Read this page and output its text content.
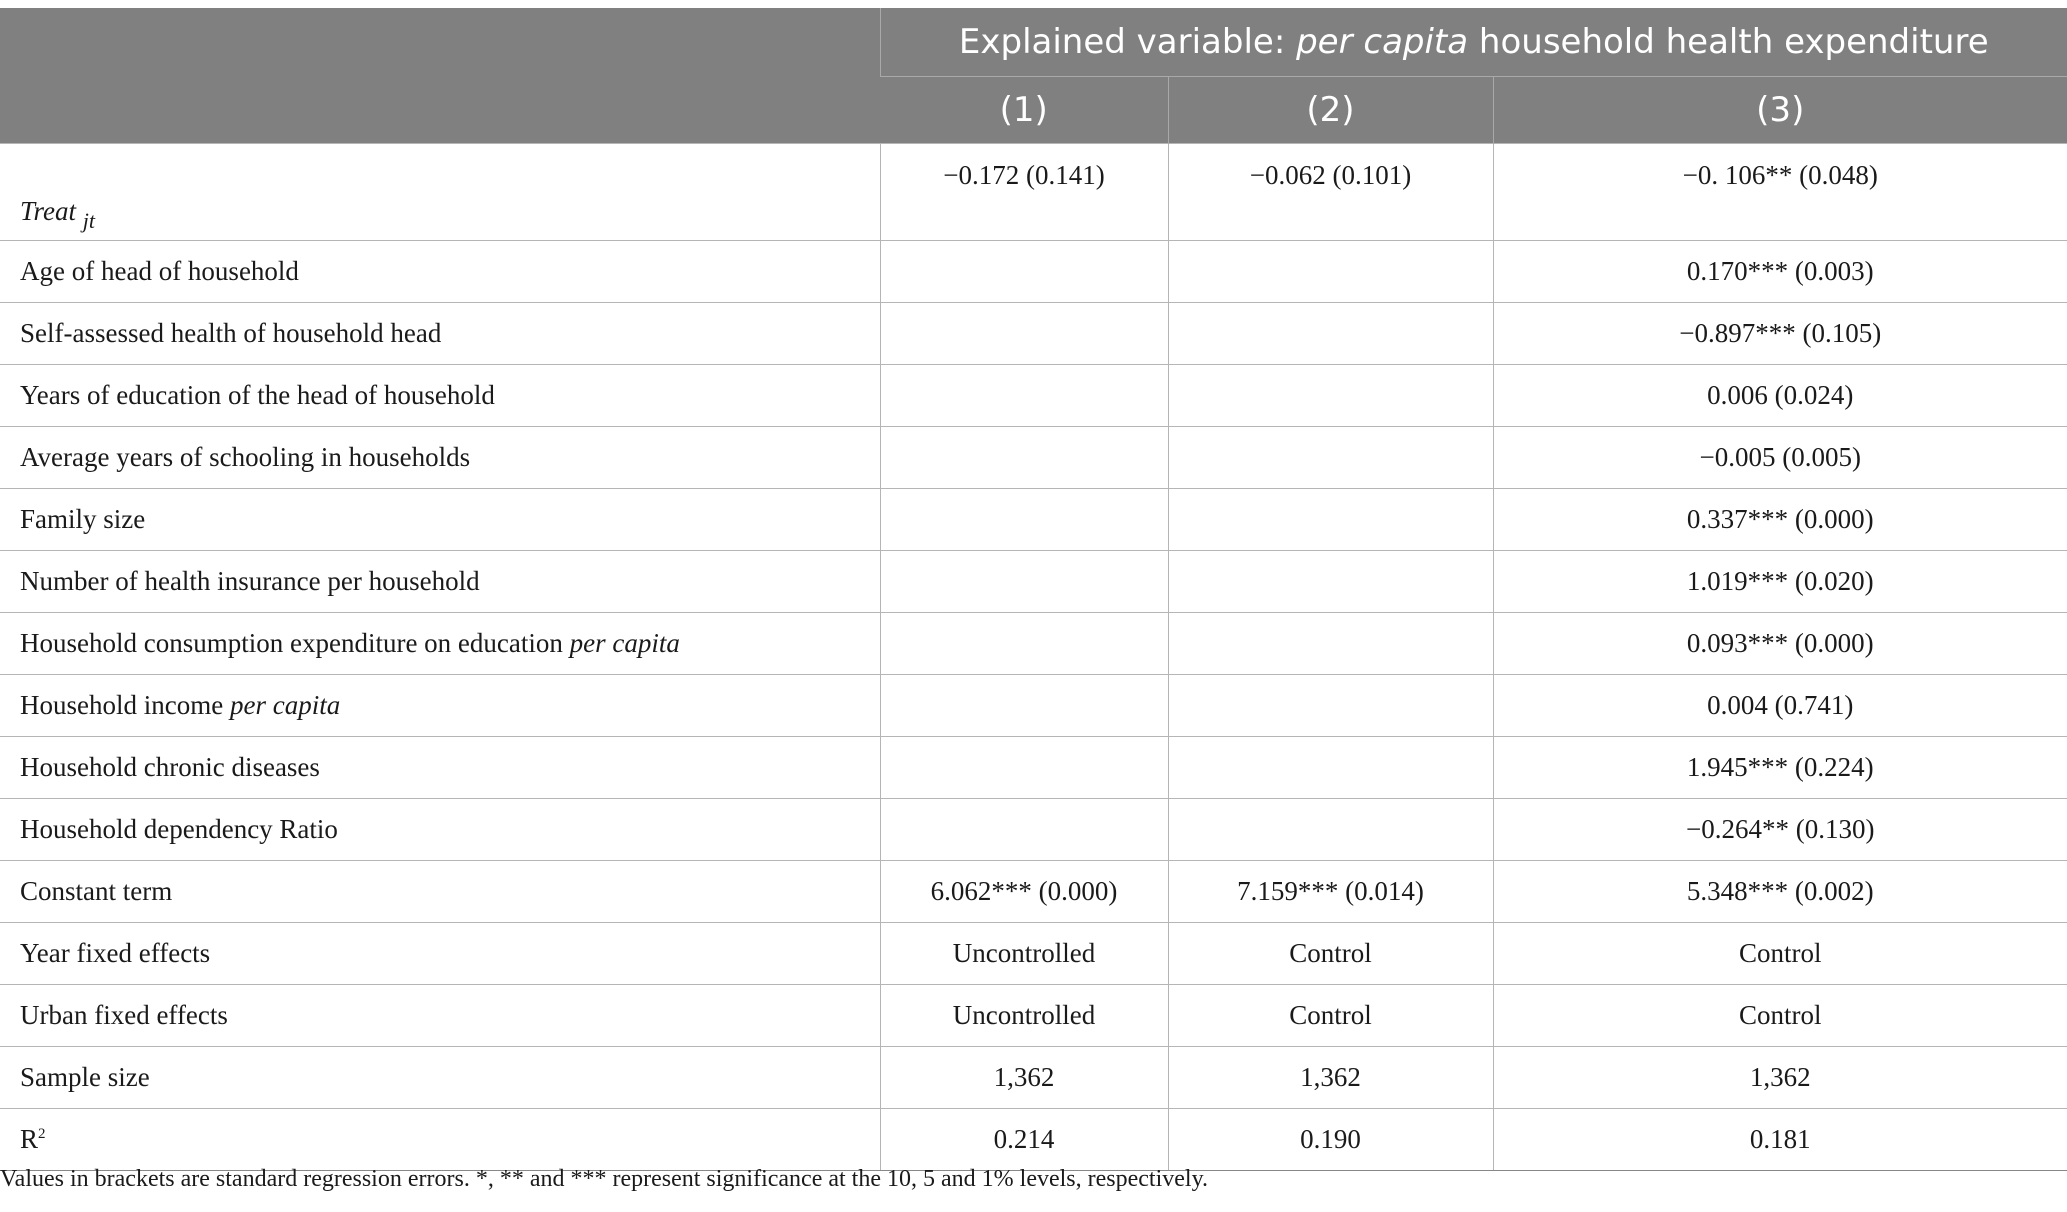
	Explained variable: per capita household health expenditure		
	(1)	(2)	(3)
Treat $_{jt}$	−0.172 (0.141)	−0.062 (0.101)	−0. 106** (0.048)
Age of head of household			0.170*** (0.003)
Self-assessed health of household head			−0.897*** (0.105)
Years of education of the head of household			0.006 (0.024)
Average years of schooling in households			−0.005 (0.005)
Family size			0.337*** (0.000)
Number of health insurance per household			1.019*** (0.020)
Household consumption expenditure on education per capita			0.093*** (0.000)
Household income per capita			0.004 (0.741)
Household chronic diseases			1.945*** (0.224)
Household dependency Ratio			−0.264** (0.130)
Constant term	6.062*** (0.000)	7.159*** (0.014)	5.348*** (0.002)
Year fixed effects	Uncontrolled	Control	Control
Urban fixed effects	Uncontrolled	Control	Control
Sample size	1,362	1,362	1,362
$R^2$	0.214	0.190	0.181
Values in brackets are standard regression errors. *, ** and *** represent significance at the 10, 5 and 1% levels, respectively.
